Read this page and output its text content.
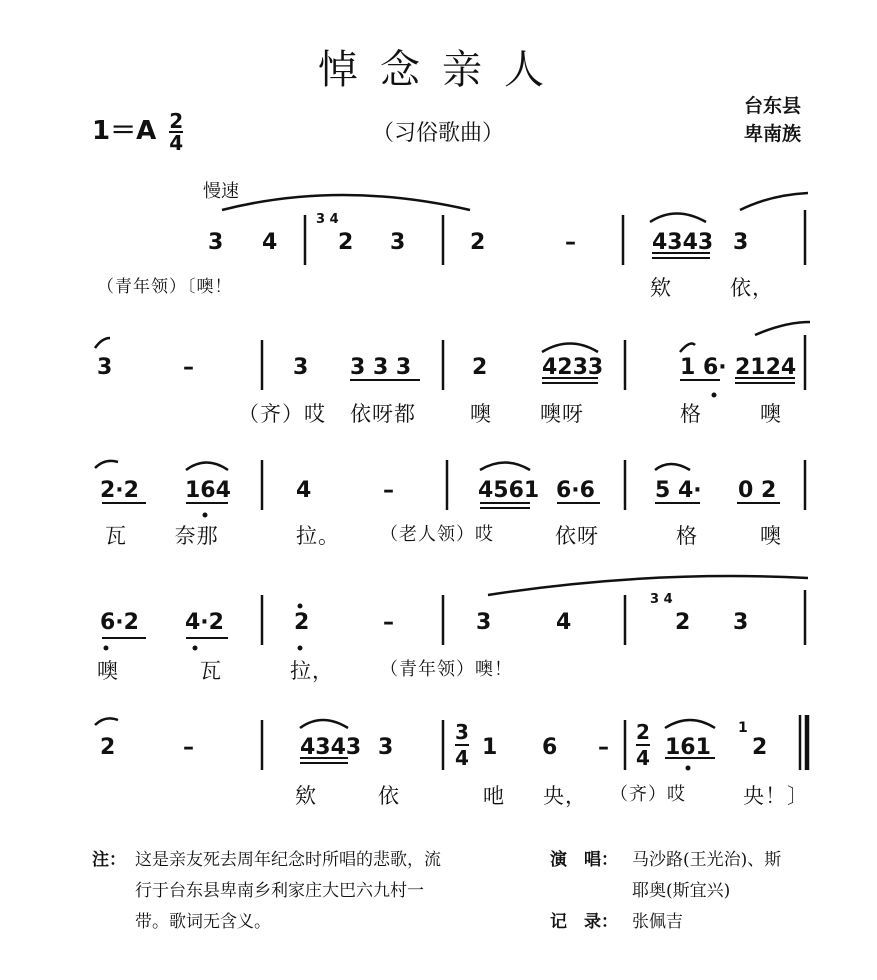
悼念亲人
（习俗歌曲）
$1=A \frac{2}{4}$
台东县
卑南族
慢速
3 4
3 4
2 3	2	–	4343 3
（青年领）〔噢！	欸	依，
3	–	3 3 3 3	2 4233	1 6· 2124
（齐）哎 依呀都	噢 噢呀	格	噢
2·2 164	4	–	4561 6·6	5 4· 0 2
瓦 奈那	拉。 （老人领）哎	依呀	格	噢
6·2 4·2	2	–	3	4
3 4
2 3
噢	瓦	拉，	（青年领）噢！
2	–	4343 3
3
4 1 6 –
2
4 161
1
2
欸	依	吔 央， （齐）哎	央！〕
注： 这是亲友死去周年纪念时所唱的悲歌，流
行于台东县卑南乡利家庄大巴六九村一
带。歌词无含义。
演　唱： 马沙路(王光治)、斯
耶奥(斯宜兴)
记　录： 张佩吉
